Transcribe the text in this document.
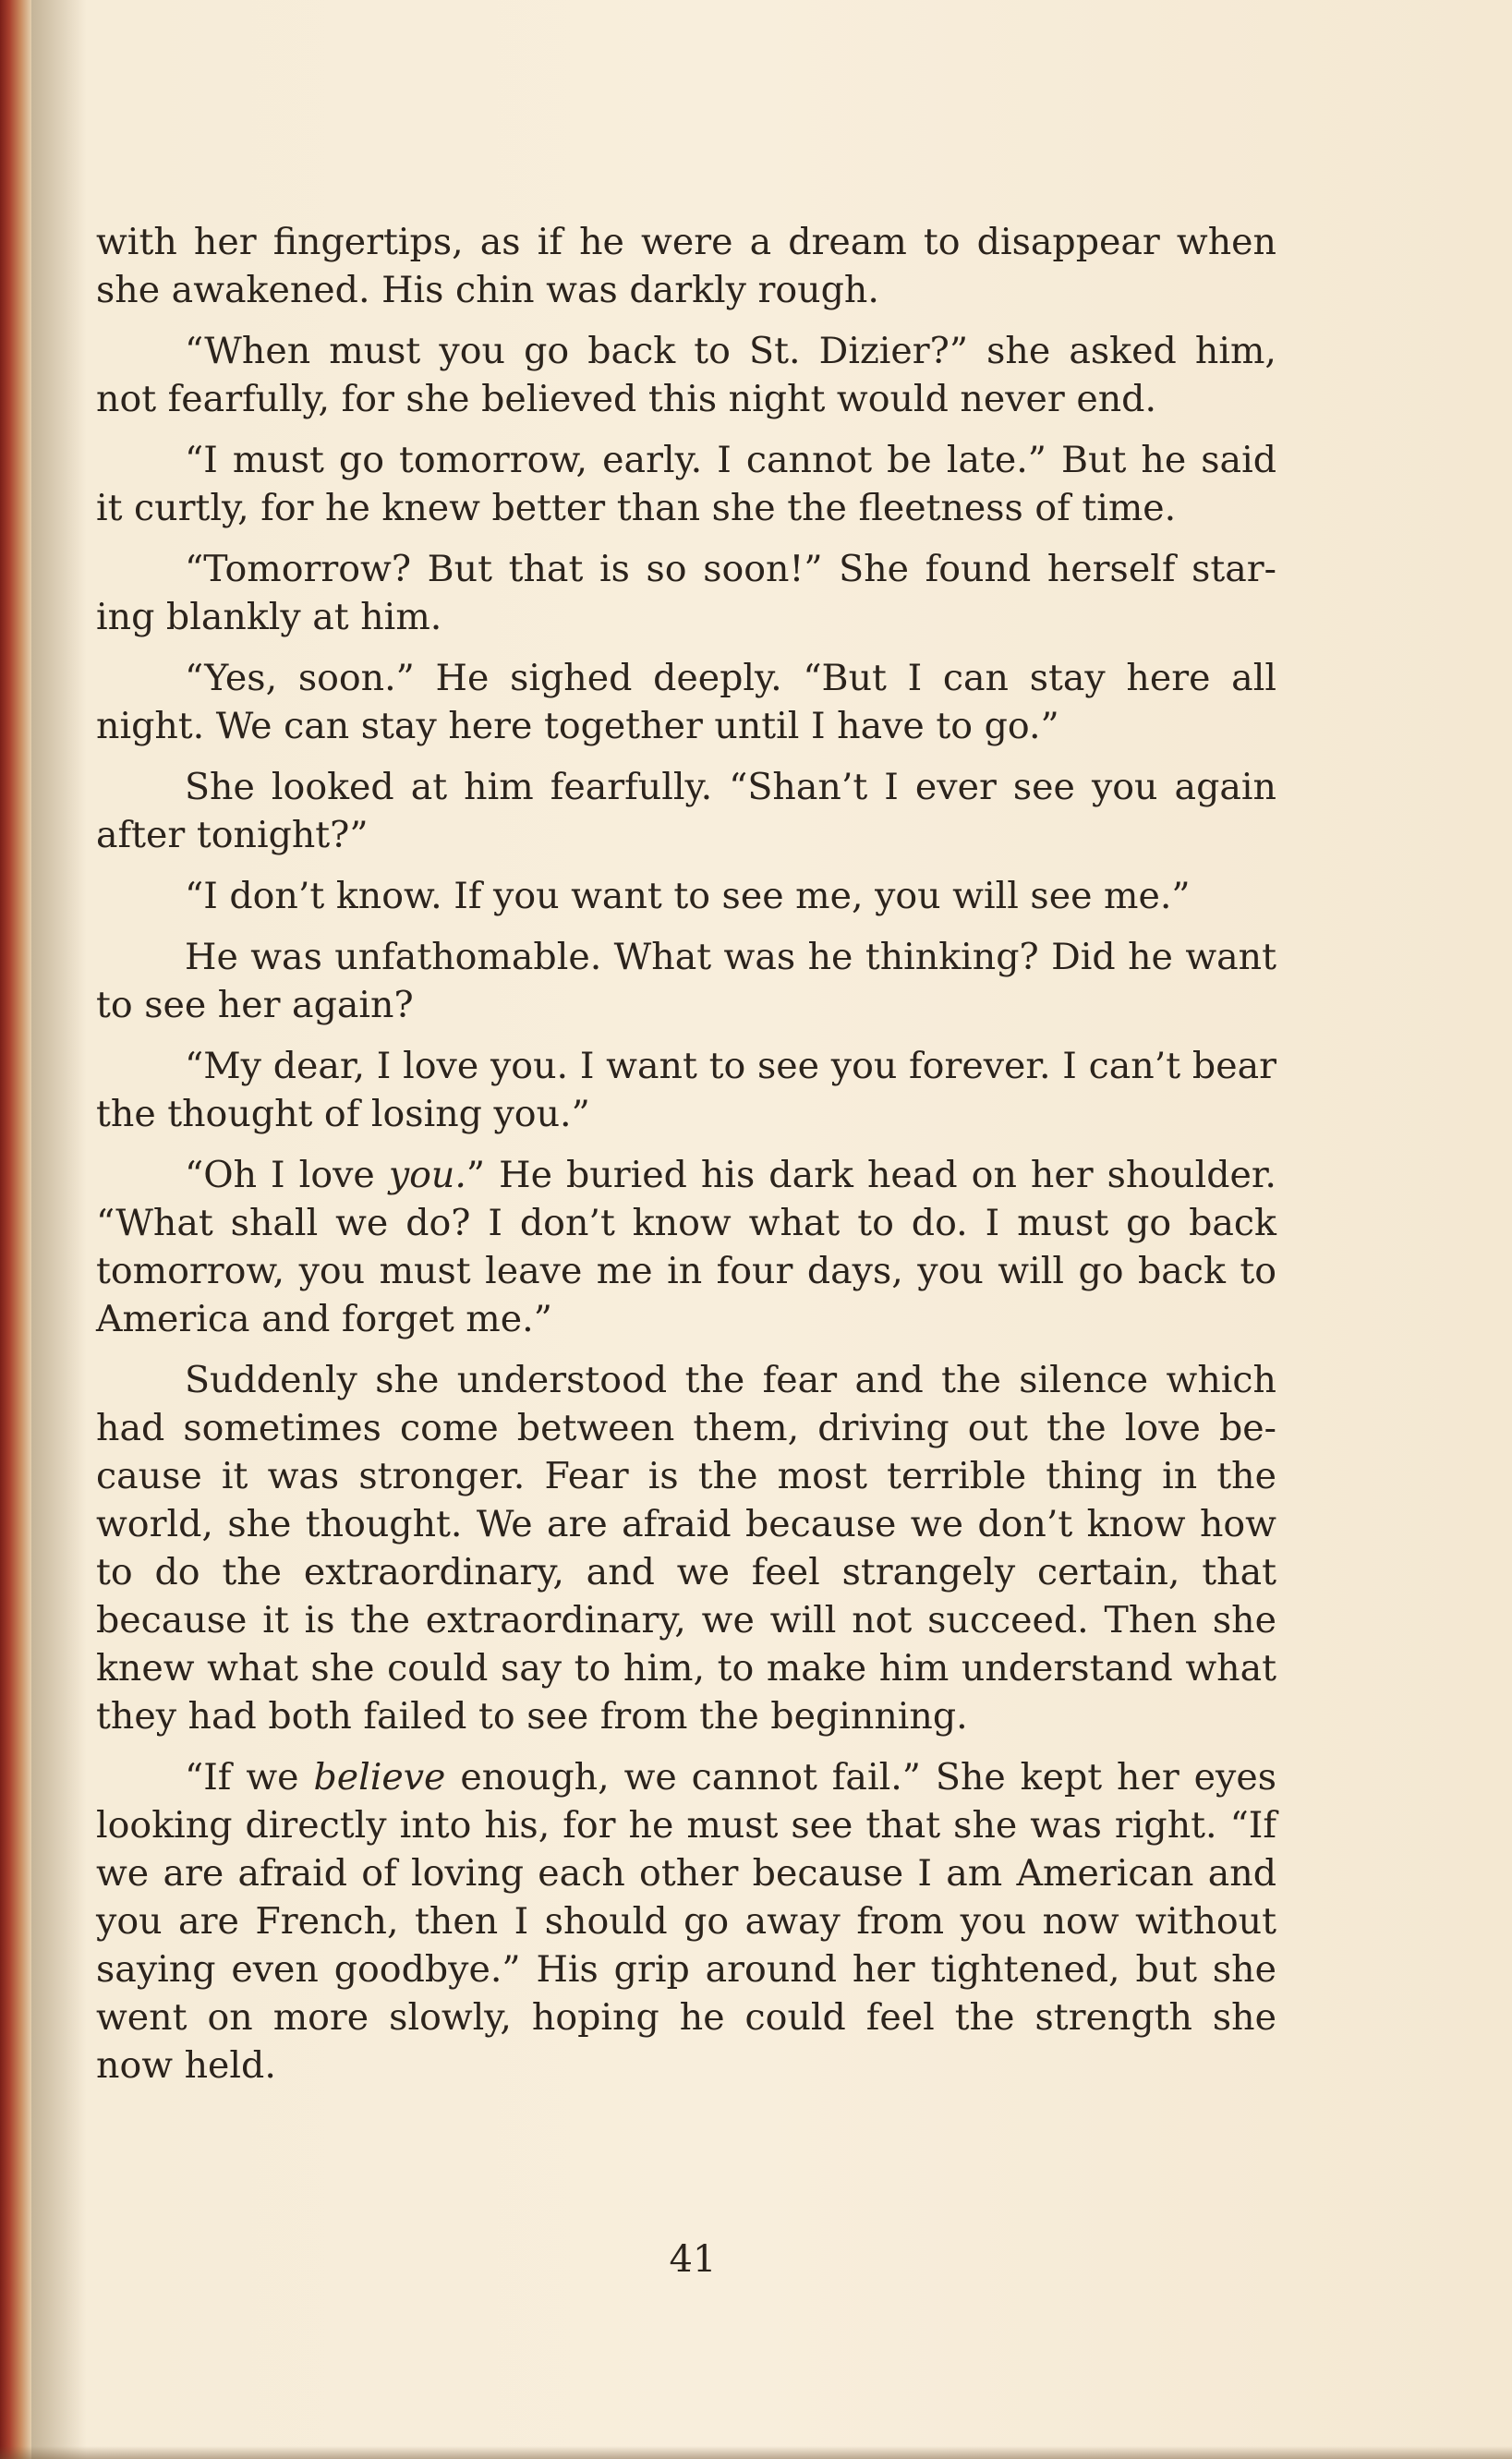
with her fingertips, as if he were a dream to disappear when she awakened. His chin was darkly rough.

“When must you go back to St. Dizier?” she asked him, not fearfully, for she believed this night would never end.

“I must go tomorrow, early. I cannot be late.” But he said it curtly, for he knew better than she the fleetness of time.

“Tomorrow? But that is so soon!” She found herself star-ing blankly at him.

“Yes, soon.” He sighed deeply. “But I can stay here all night. We can stay here together until I have to go.”

She looked at him fearfully. “Shan’t I ever see you again after tonight?”

“I don’t know. If you want to see me, you will see me.”

He was unfathomable. What was he thinking? Did he want to see her again?

“My dear, I love you. I want to see you forever. I can’t bear the thought of losing you.”

“Oh I love you.” He buried his dark head on her shoulder. “What shall we do? I don’t know what to do. I must go back tomorrow, you must leave me in four days, you will go back to America and forget me.”

Suddenly she understood the fear and the silence which had sometimes come between them, driving out the love be-cause it was stronger. Fear is the most terrible thing in the world, she thought. We are afraid because we don’t know how to do the extraordinary, and we feel strangely certain, that because it is the extraordinary, we will not succeed. Then she knew what she could say to him, to make him understand what they had both failed to see from the beginning.

“If we believe enough, we cannot fail.” She kept her eyes looking directly into his, for he must see that she was right. “If we are afraid of loving each other because I am American and you are French, then I should go away from you now without saying even goodbye.” His grip around her tightened, but she went on more slowly, hoping he could feel the strength she now held.

41
